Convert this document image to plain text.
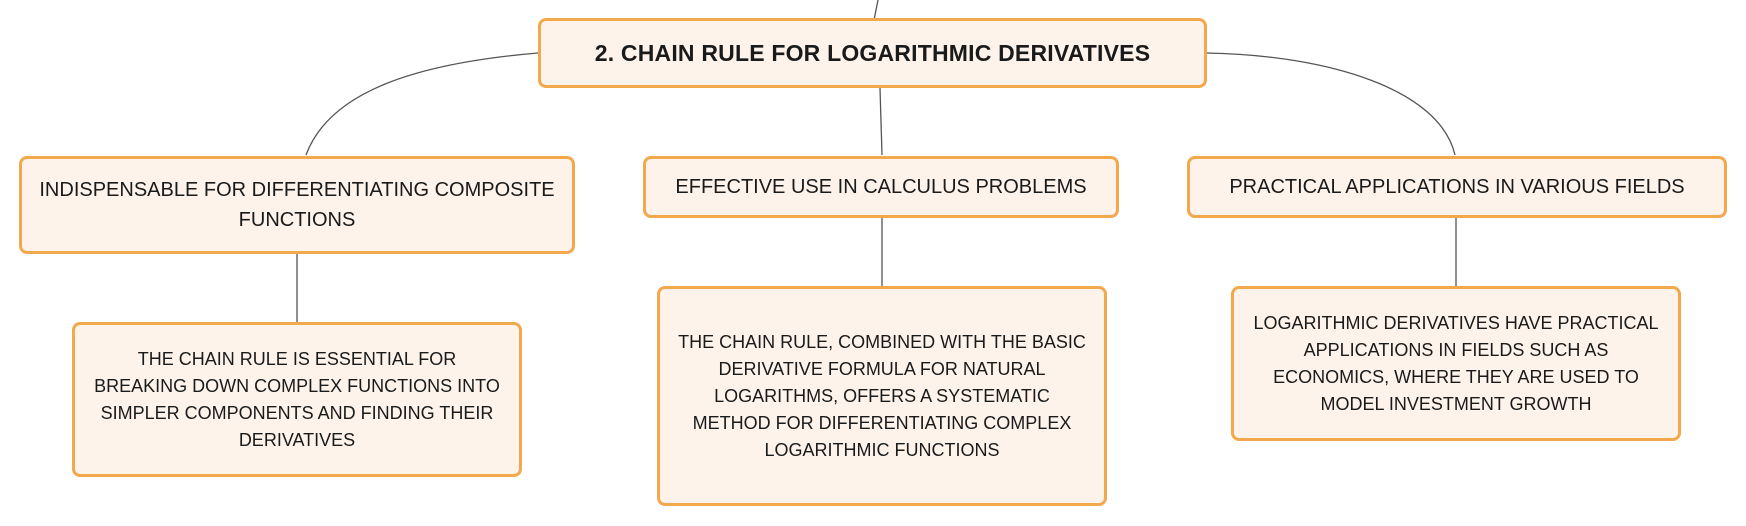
2. CHAIN RULE FOR LOGARITHMIC DERIVATIVES
INDISPENSABLE FOR DIFFERENTIATING COMPOSITE FUNCTIONS
EFFECTIVE USE IN CALCULUS PROBLEMS	PRACTICAL APPLICATIONS IN VARIOUS FIELDS
THE CHAIN RULE IS ESSENTIAL FOR BREAKING DOWN COMPLEX FUNCTIONS INTO SIMPLER COMPONENTS AND FINDING THEIR DERIVATIVES
THE CHAIN RULE, COMBINED WITH THE BASIC DERIVATIVE FORMULA FOR NATURAL LOGARITHMS, OFFERS A SYSTEMATIC METHOD FOR DIFFERENTIATING COMPLEX LOGARITHMIC FUNCTIONS
LOGARITHMIC DERIVATIVES HAVE PRACTICAL APPLICATIONS IN FIELDS SUCH AS ECONOMICS, WHERE THEY ARE USED TO MODEL INVESTMENT GROWTH
